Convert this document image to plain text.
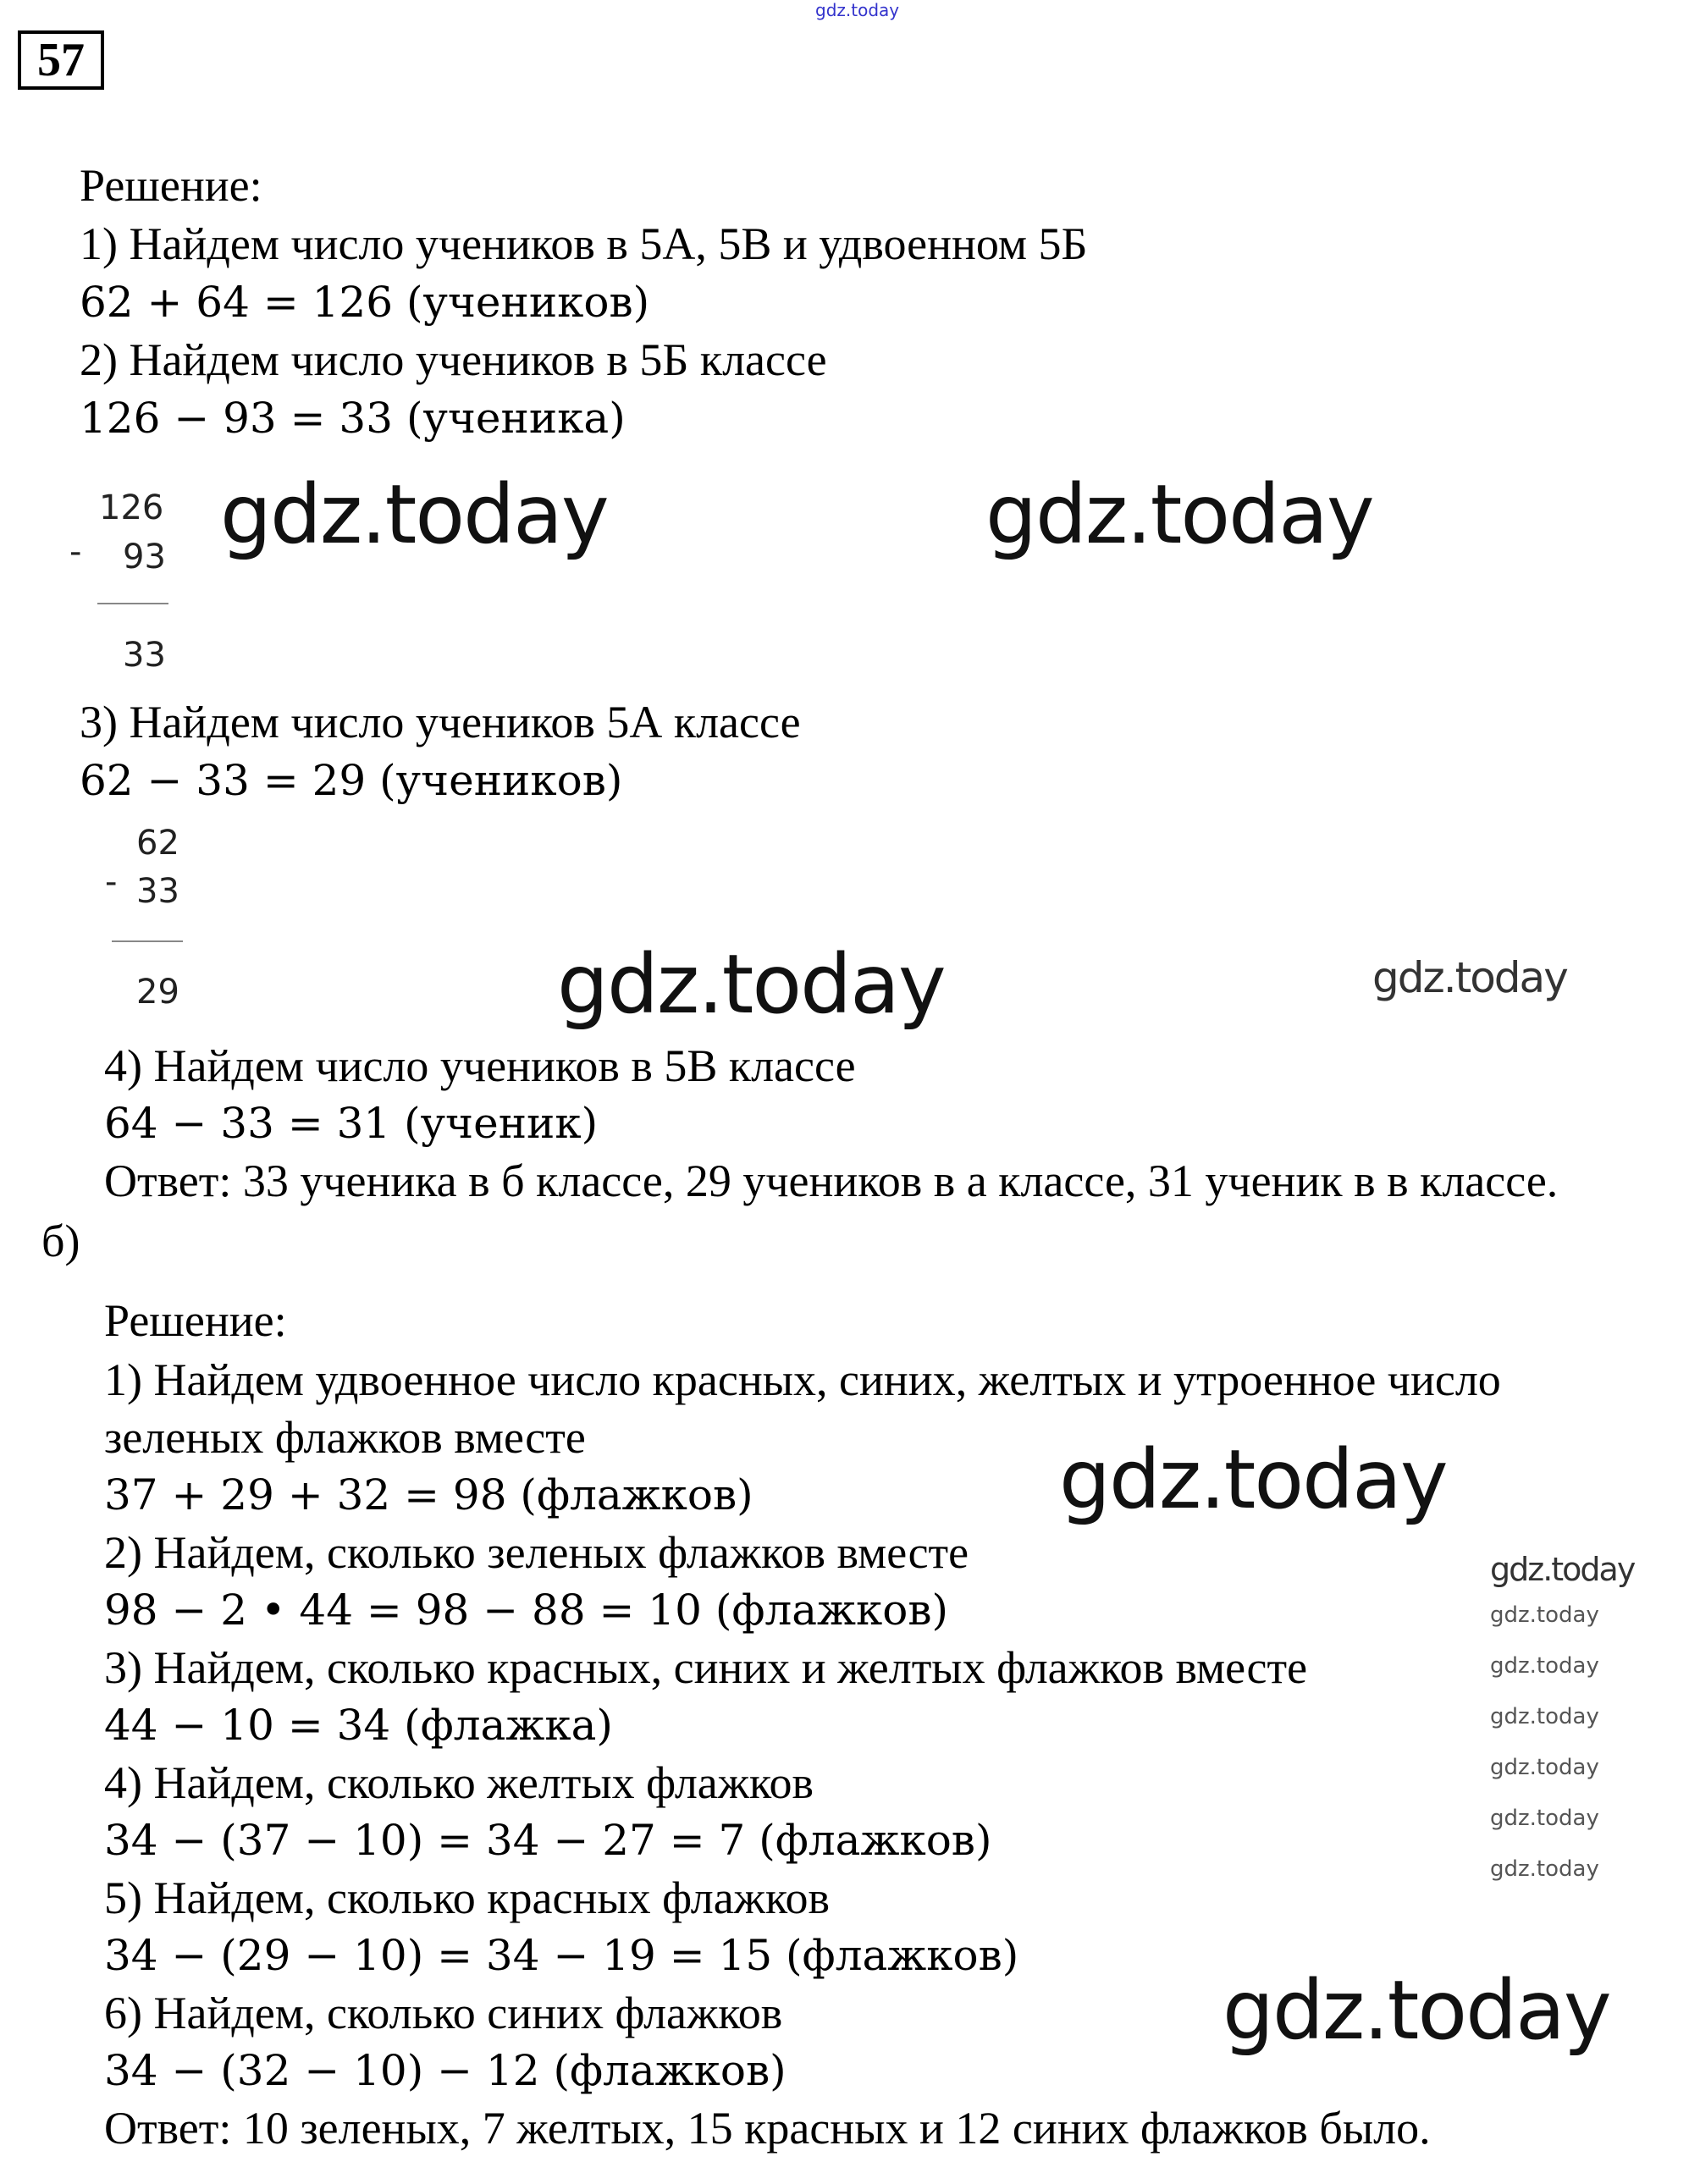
gdz.today
57
Решение:
1) Найдем число учеников в 5A, 5B и удвоенном 5Б
62 + 64 = 126 (учеников)
2) Найдем число учеников в 5Б классе
126 − 93 = 33 (ученика)
126
- 93
33
3) Найдем число учеников 5А классе
62 − 33 = 29 (учеников)
62
- 33
29
4) Найдем число учеников в 5В классе
64 − 33 = 31 (ученик)
Ответ: 33 ученика в б классе, 29 учеников в а классе, 31 ученик в в классе.
б)
Решение:
1) Найдем удвоенное число красных, синих, желтых и утроенное число
зеленых флажков вместе
37 + 29 + 32 = 98 (флажков)
2) Найдем, сколько зеленых флажков вместе
98 − 2 • 44 = 98 − 88 = 10 (флажков)
3) Найдем, сколько красных, синих и желтых флажков вместе
44 − 10 = 34 (флажка)
4) Найдем, сколько желтых флажков
34 − (37 − 10) = 34 − 27 = 7 (флажков)
5) Найдем, сколько красных флажков
34 − (29 − 10) = 34 − 19 = 15 (флажков)
6) Найдем, сколько синих флажков
34 − (32 − 10) − 12 (флажков)
Ответ: 10 зеленых, 7 желтых, 15 красных и 12 синих флажков было.
gdz.today	gdz.today
gdz.today	gdz.today
gdz.today
gdz.today
gdz.today
gdz.today
gdz.today
gdz.today
gdz.today
gdz.today
gdz.today
